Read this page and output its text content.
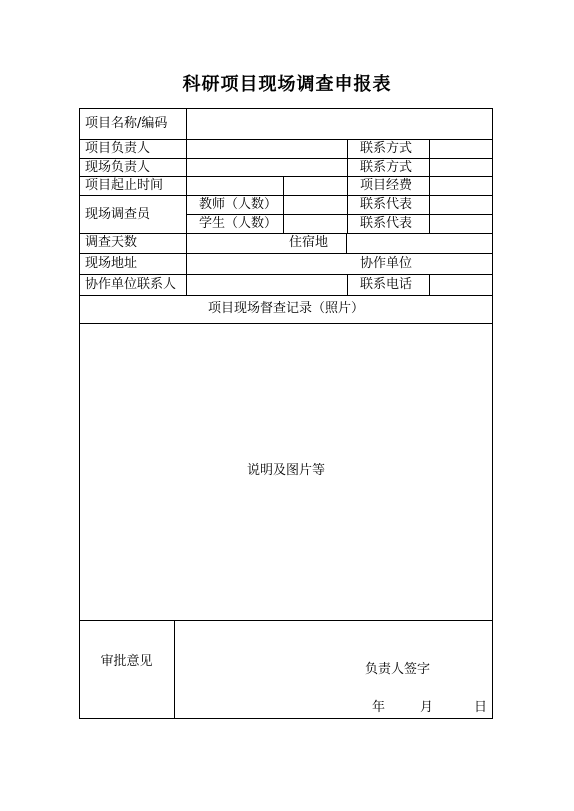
科研项目现场调查申报表
项目名称/编码
项目负责人	联系方式
现场负责人	联系方式
项目起止时间	项目经费
现场调查员
教师（人数）	联系代表
学生（人数）	联系代表
调查天数	住宿地
现场地址	协作单位
协作单位联系人	联系电话
项目现场督查记录（照片）
说明及图片等
审批意见
负责人签字
年	月	日
